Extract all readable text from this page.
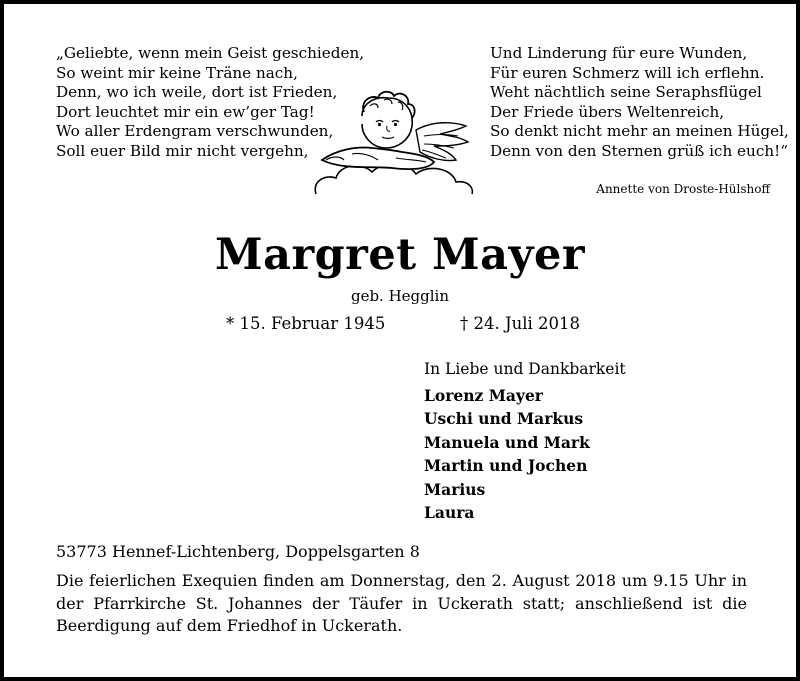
„Geliebte, wenn mein Geist geschieden,
So weint mir keine Träne nach,
Denn, wo ich weile, dort ist Frieden,
Dort leuchtet mir ein ew’ger Tag!
Wo aller Erdengram verschwunden,
Soll euer Bild mir nicht vergehn,
Und Linderung für eure Wunden,
Für euren Schmerz will ich erflehn.
Weht nächtlich seine Seraphsflügel
Der Friede übers Weltenreich,
So denkt nicht mehr an meinen Hügel,
Denn von den Sternen grüß ich euch!“
Annette von Droste-Hülshoff
Margret Mayer
geb. Hegglin
* 15. Februar 1945	† 24. Juli 2018
In Liebe und Dankbarkeit
Lorenz Mayer
Uschi und Markus
Manuela und Mark
Martin und Jochen
Marius
Laura
53773 Hennef-Lichtenberg, Doppelsgarten 8
Die feierlichen Exequien finden am Donnerstag, den 2. August 2018 um 9.15 Uhr in der Pfarrkirche St. Johannes der Täufer in Uckerath statt; anschließend ist die Beerdigung auf dem Friedhof in Uckerath.
